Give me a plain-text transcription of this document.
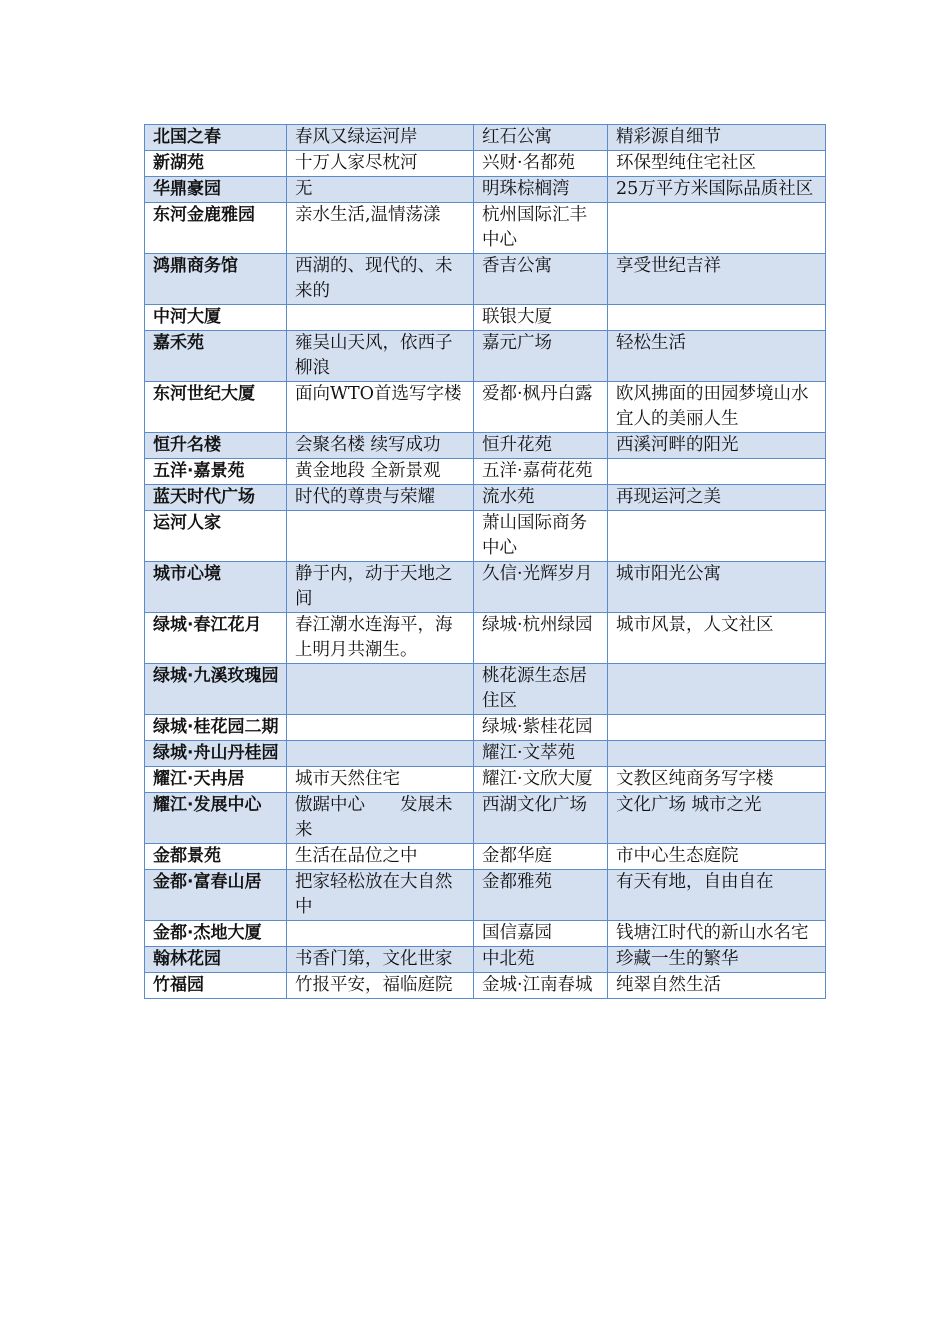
北国之春	春风又绿运河岸	红石公寓	精彩源自细节
新湖苑	十万人家尽枕河	兴财·名都苑	环保型纯住宅社区
华鼎豪园	无	明珠棕榈湾	25万平方米国际品质社区
东河金鹿雅园	亲水生活,温情荡漾	杭州国际汇丰中心	
鸿鼎商务馆	西湖的、现代的、未来的	香吉公寓	享受世纪吉祥
中河大厦		联银大厦	
嘉禾苑	雍吴山天风，依西子柳浪	嘉元广场	轻松生活
东河世纪大厦	面向WTO首选写字楼	爱都·枫丹白露	欧风拂面的田园梦境山水宜人的美丽人生
恒升名楼	会聚名楼 续写成功	恒升花苑	西溪河畔的阳光
五洋·嘉景苑	黄金地段 全新景观	五洋·嘉荷花苑	
蓝天时代广场	时代的尊贵与荣耀	流水苑	再现运河之美
运河人家		萧山国际商务中心	
城市心境	静于内，动于天地之间	久信·光辉岁月	城市阳光公寓
绿城·春江花月	春江潮水连海平，海上明月共潮生。	绿城·杭州绿园	城市风景，人文社区
绿城·九溪玫瑰园		桃花源生态居住区	
绿城·桂花园二期		绿城·紫桂花园	
绿城·舟山丹桂园		耀江·文萃苑	
耀江·天冉居	城市天然住宅	耀江·文欣大厦	文教区纯商务写字楼
耀江·发展中心	傲踞中心　　发展未来	西湖文化广场	文化广场 城市之光
金都景苑	生活在品位之中	金都华庭	市中心生态庭院
金都·富春山居	把家轻松放在大自然中	金都雅苑	有天有地，自由自在
金都·杰地大厦		国信嘉园	钱塘江时代的新山水名宅
翰林花园	书香门第，文化世家	中北苑	珍藏一生的繁华
竹福园	竹报平安，福临庭院	金城·江南春城	纯翠自然生活
